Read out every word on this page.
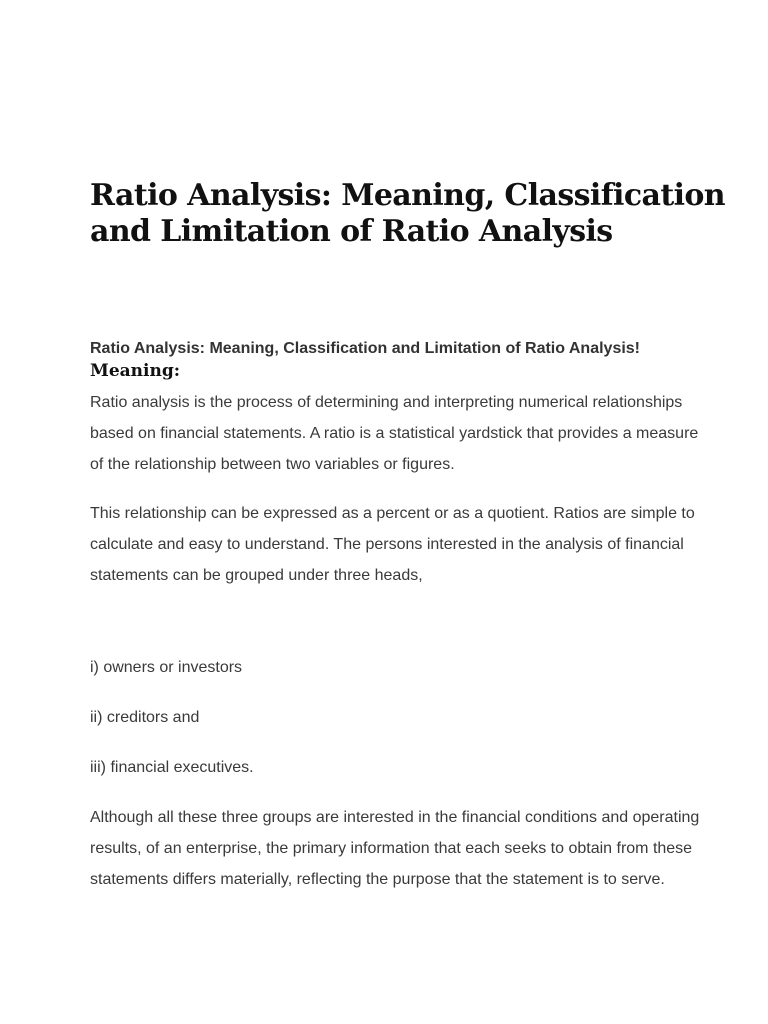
Ratio Analysis: Meaning, Classification and Limitation of Ratio Analysis

Ratio Analysis: Meaning, Classification and Limitation of Ratio Analysis!

Meaning:

Ratio analysis is the process of determining and interpreting numerical relationships based on financial statements. A ratio is a statistical yardstick that provides a measure of the relationship between two variables or figures.

This relationship can be expressed as a percent or as a quotient. Ratios are simple to calculate and easy to understand. The persons interested in the analysis of financial statements can be grouped under three heads,

i) owners or investors

ii) creditors and

iii) financial executives.

Although all these three groups are interested in the financial conditions and operating results, of an enterprise, the primary information that each seeks to obtain from these statements differs materially, reflecting the purpose that the statement is to serve.
